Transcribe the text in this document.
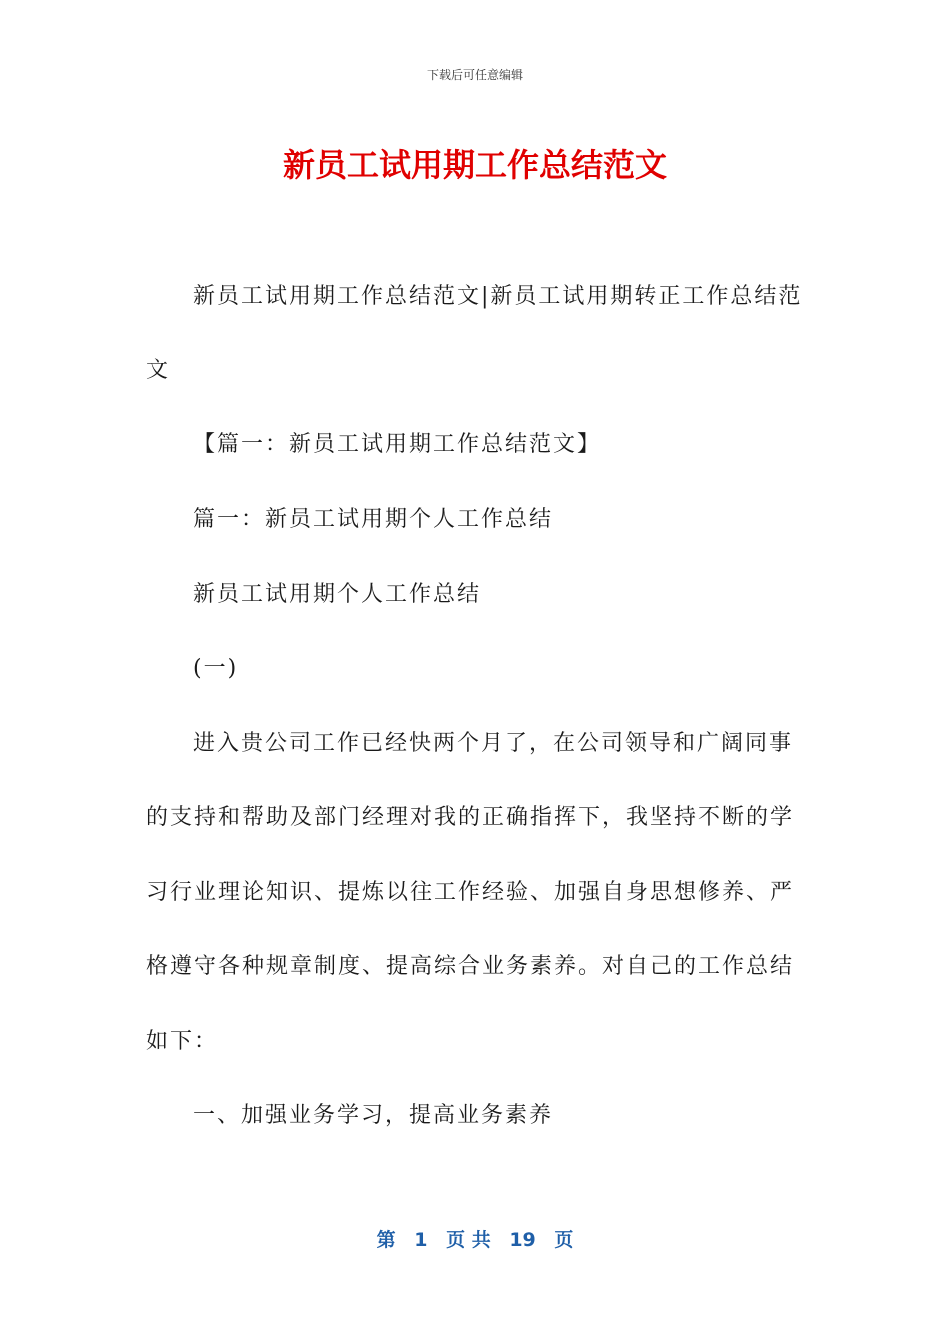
下载后可任意编辑
新员工试用期工作总结范文
新员工试用期工作总结范文|新员工试用期转正工作总结范
文
【篇一：新员工试用期工作总结范文】
篇一：新员工试用期个人工作总结
新员工试用期个人工作总结
(一)
进入贵公司工作已经快两个月了，在公司领导和广阔同事
的支持和帮助及部门经理对我的正确指挥下，我坚持不断的学
习行业理论知识、提炼以往工作经验、加强自身思想修养、严
格遵守各种规章制度、提高综合业务素养。对自己的工作总结
如下：
一、加强业务学习，提高业务素养
第 1 页 共 19 页
